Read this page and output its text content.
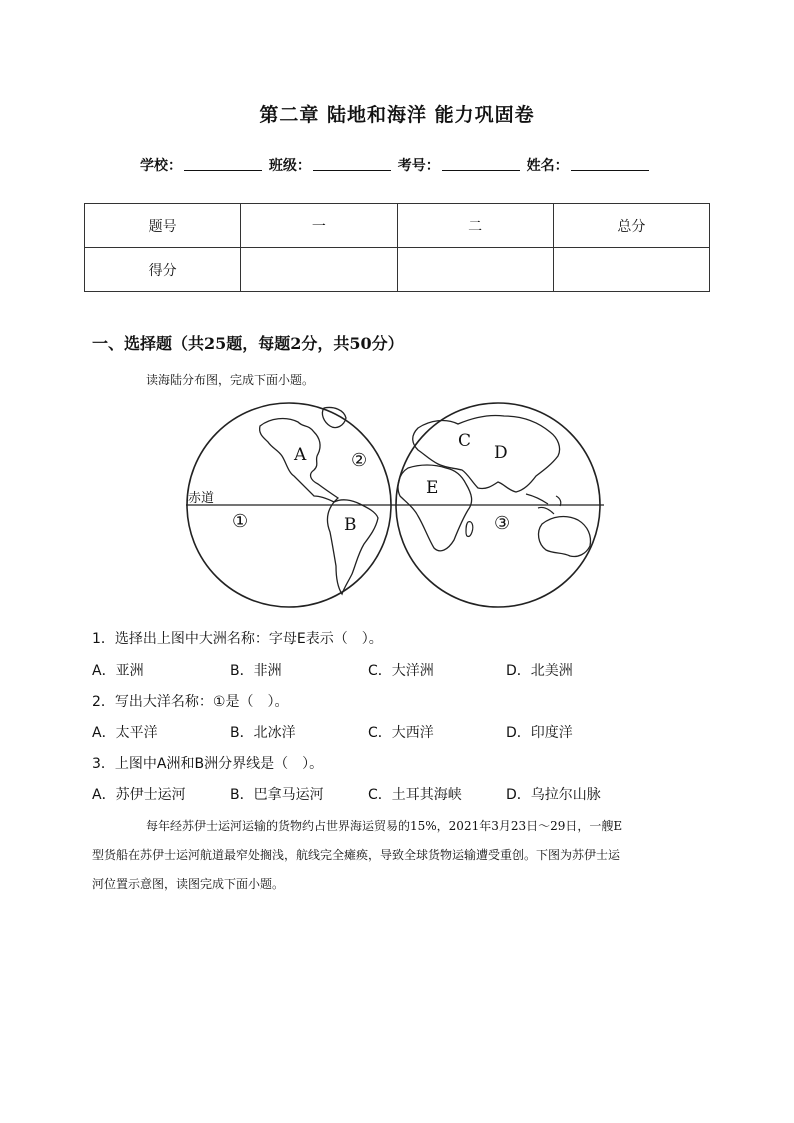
第二章 陆地和海洋 能力巩固卷
学校：	班级：	考号：	姓名：
题号	一	二	总分
得分			
一、选择题（共25题，每题2分，共50分）
读海陆分布图，完成下面小题。
赤道
A ②
①	B
C
D
E
③
1．选择出上图中大洲名称：字母E表示（　）。
A．亚洲	B．非洲	C．大洋洲	D．北美洲
2．写出大洋名称：①是（　）。
A．太平洋	B．北冰洋	C．大西洋	D．印度洋
3．上图中A洲和B洲分界线是（　）。
A．苏伊士运河	B．巴拿马运河	C．土耳其海峡	D．乌拉尔山脉
每年经苏伊士运河运输的货物约占世界海运贸易的15%，2021年3月23日～29日，一艘E
型货船在苏伊士运河航道最窄处搁浅，航线完全瘫痪，导致全球货物运输遭受重创。下图为苏伊士运
河位置示意图，读图完成下面小题。
